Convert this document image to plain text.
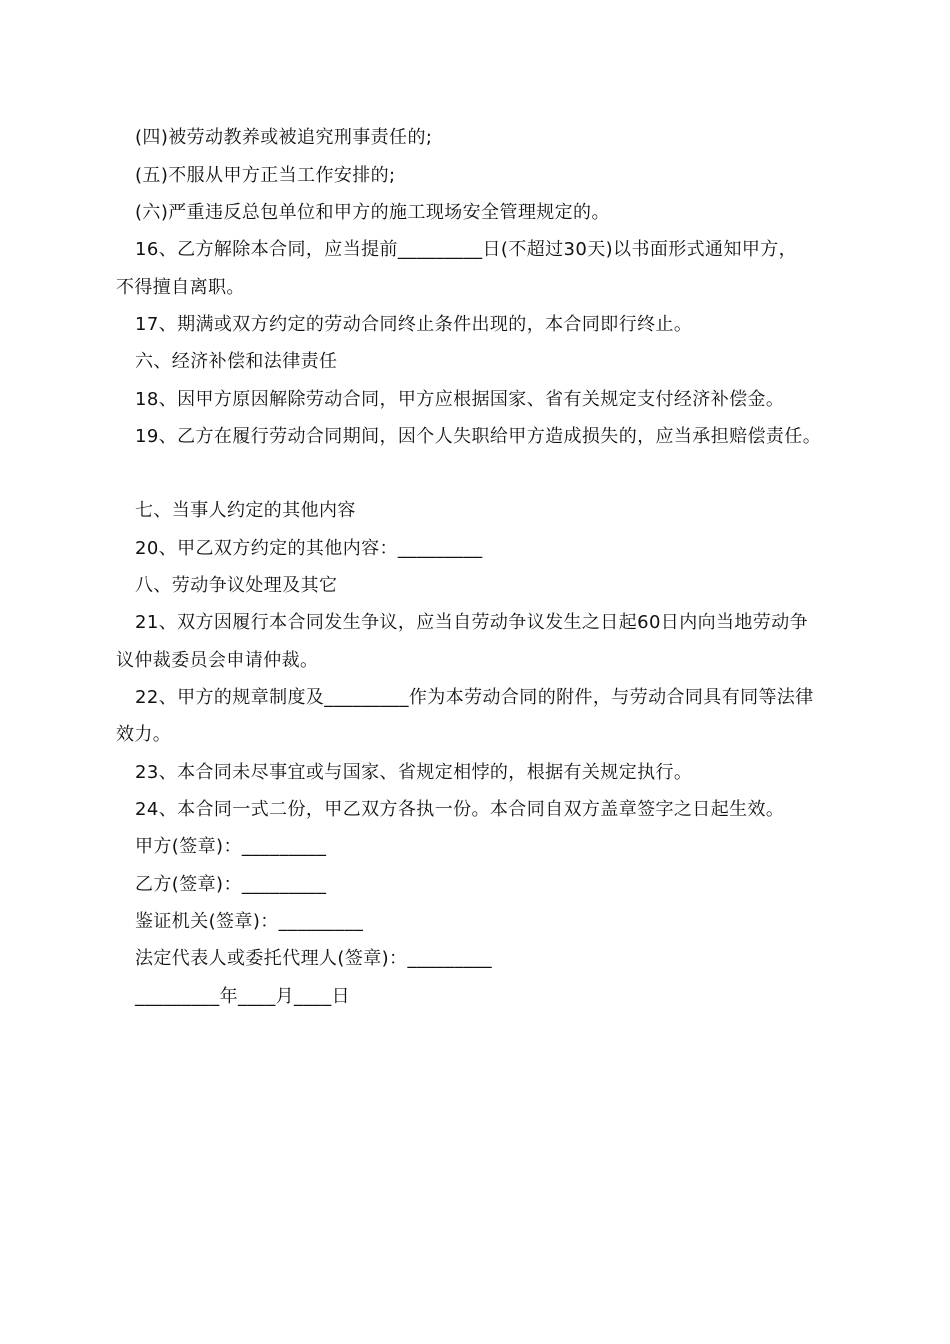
(四)被劳动教养或被追究刑事责任的;
(五)不服从甲方正当工作安排的;
(六)严重违反总包单位和甲方的施工现场安全管理规定的。
16、乙方解除本合同，应当提前_________日(不超过30天)以书面形式通知甲方，
不得擅自离职。
17、期满或双方约定的劳动合同终止条件出现的，本合同即行终止。
六、经济补偿和法律责任
18、因甲方原因解除劳动合同，甲方应根据国家、省有关规定支付经济补偿金。
19、乙方在履行劳动合同期间，因个人失职给甲方造成损失的，应当承担赔偿责任。
七、当事人约定的其他内容
20、甲乙双方约定的其他内容：_________
八、劳动争议处理及其它
21、双方因履行本合同发生争议，应当自劳动争议发生之日起60日内向当地劳动争
议仲裁委员会申请仲裁。
22、甲方的规章制度及_________作为本劳动合同的附件，与劳动合同具有同等法律
效力。
23、本合同未尽事宜或与国家、省规定相悖的，根据有关规定执行。
24、本合同一式二份，甲乙双方各执一份。本合同自双方盖章签字之日起生效。
甲方(签章)：_________
乙方(签章)：_________
鉴证机关(签章)：_________
法定代表人或委托代理人(签章)：_________
_________年____月____日
